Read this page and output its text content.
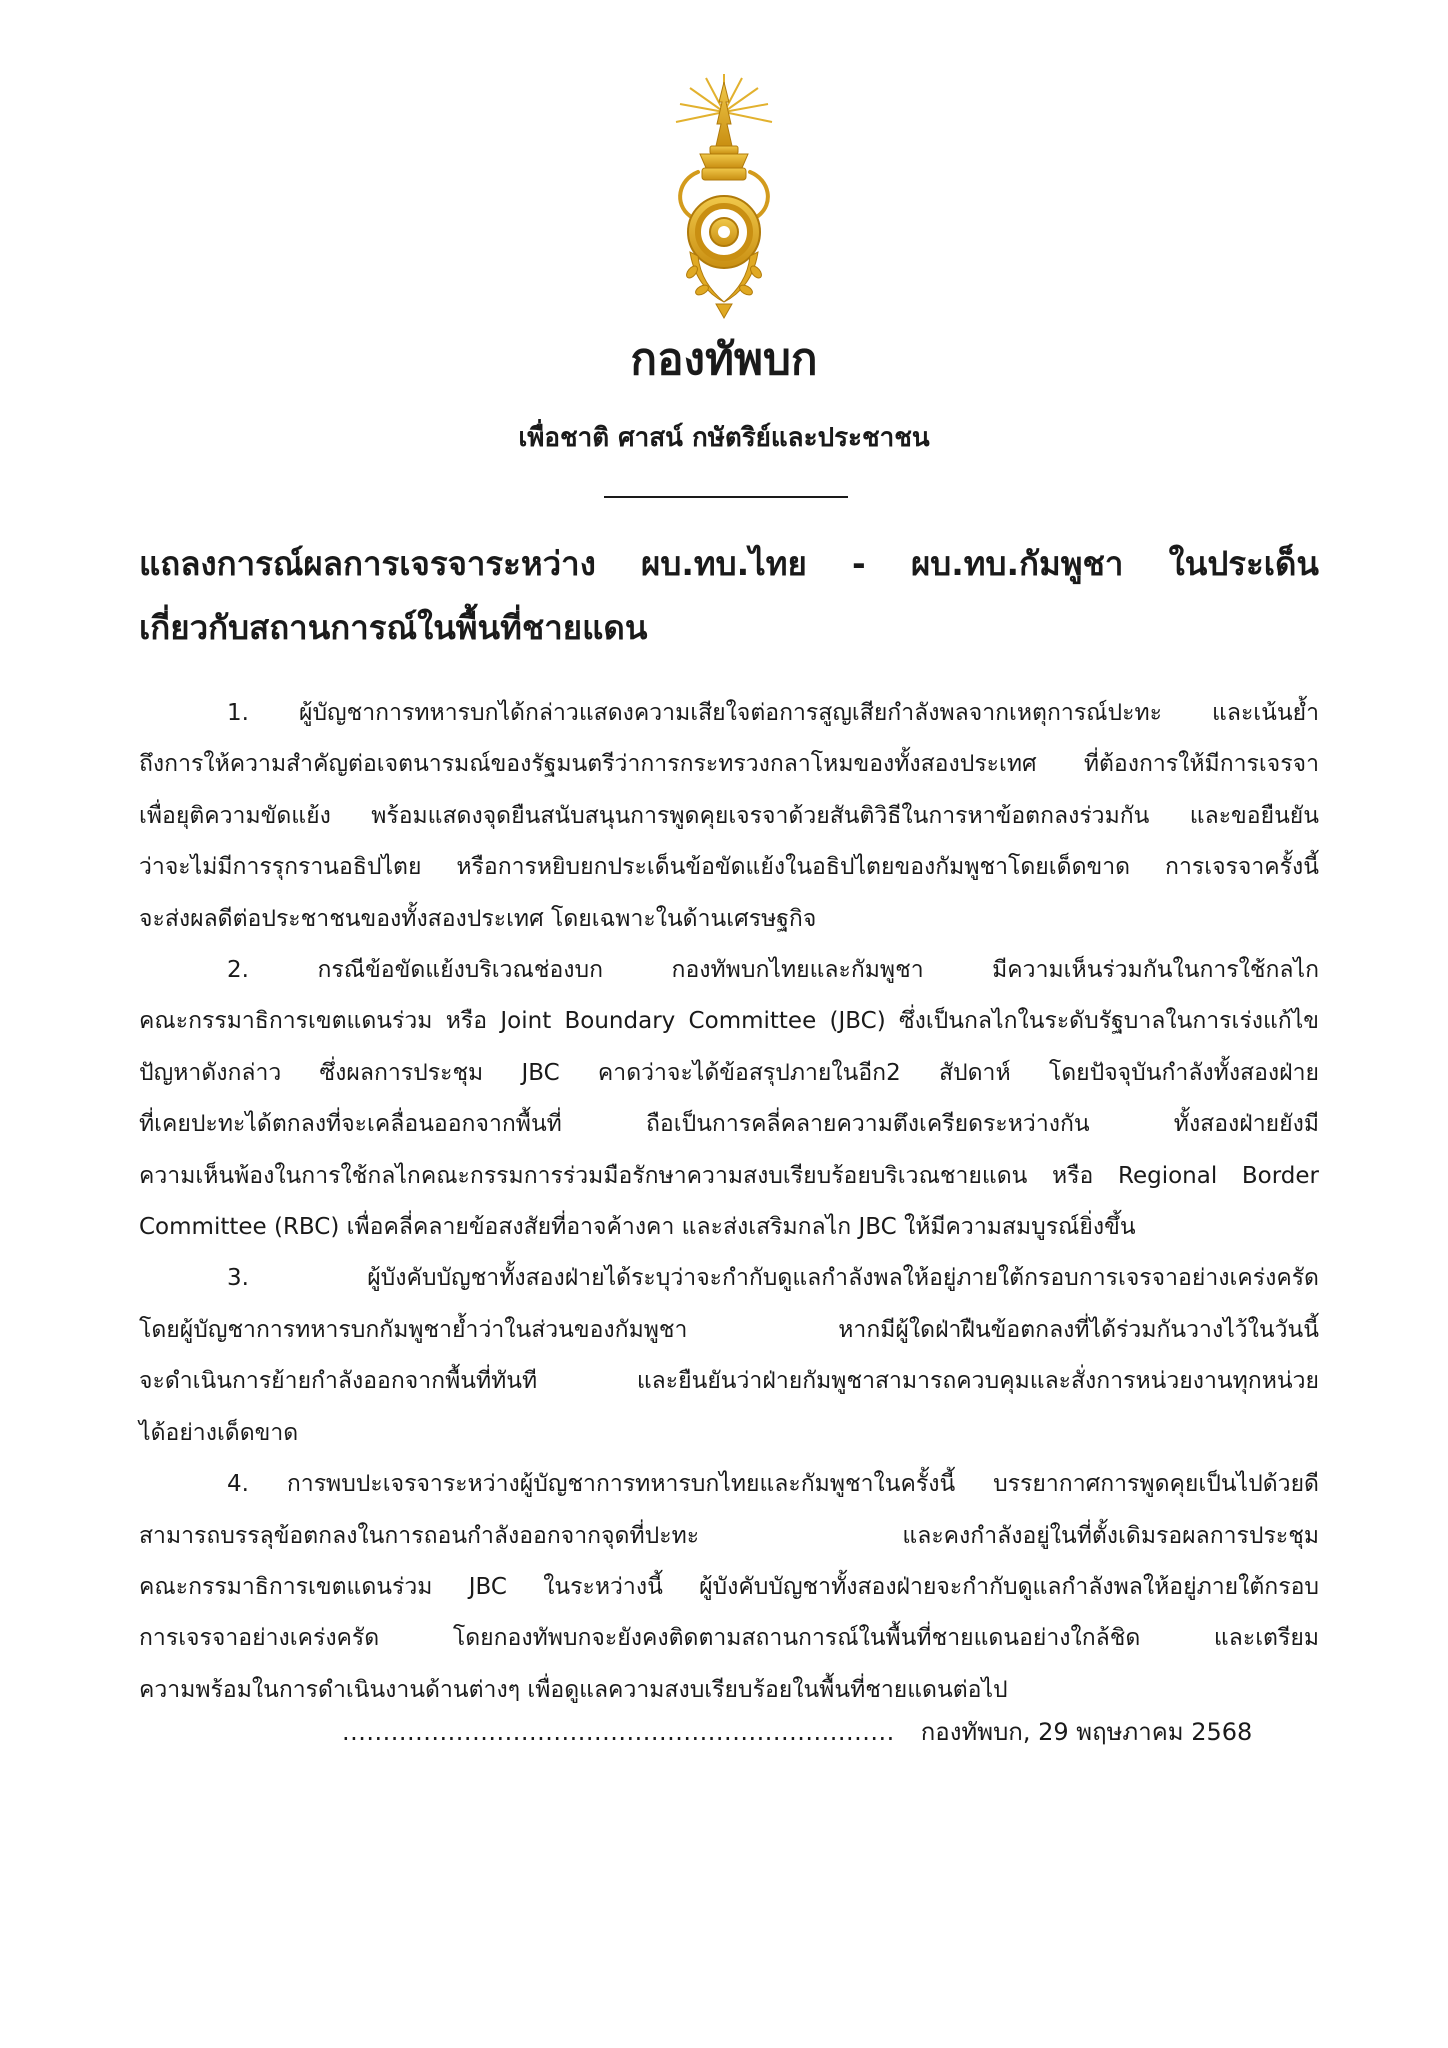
กองทัพบก
เพื่อชาติ ศาสน์ กษัตริย์และประชาชน
แถลงการณ์ผลการเจรจาระหว่าง ผบ.ทบ.ไทย - ผบ.ทบ.กัมพูชา ในประเด็น
เกี่ยวกับสถานการณ์ในพื้นที่ชายแดน
1. ผู้บัญชาการทหารบกได้กล่าวแสดงความเสียใจต่อการสูญเสียกำลังพลจากเหตุการณ์ปะทะ และเน้นย้ำ
ถึงการให้ความสำคัญต่อเจตนารมณ์ของรัฐมนตรีว่าการกระทรวงกลาโหมของทั้งสองประเทศ ที่ต้องการให้มีการเจรจา
เพื่อยุติความขัดแย้ง พร้อมแสดงจุดยืนสนับสนุนการพูดคุยเจรจาด้วยสันติวิธีในการหาข้อตกลงร่วมกัน และขอยืนยัน
ว่าจะไม่มีการรุกรานอธิปไตย หรือการหยิบยกประเด็นข้อขัดแย้งในอธิปไตยของกัมพูชาโดยเด็ดขาด การเจรจาครั้งนี้
จะส่งผลดีต่อประชาชนของทั้งสองประเทศ โดยเฉพาะในด้านเศรษฐกิจ
2. กรณีข้อขัดแย้งบริเวณช่องบก กองทัพบกไทยและกัมพูชา มีความเห็นร่วมกันในการใช้กลไก
คณะกรรมาธิการเขตแดนร่วม หรือ Joint Boundary Committee (JBC) ซึ่งเป็นกลไกในระดับรัฐบาลในการเร่งแก้ไข
ปัญหาดังกล่าว ซึ่งผลการประชุม JBC คาดว่าจะได้ข้อสรุปภายในอีก2 สัปดาห์ โดยปัจจุบันกำลังทั้งสองฝ่าย
ที่เคยปะทะได้ตกลงที่จะเคลื่อนออกจากพื้นที่ ถือเป็นการคลี่คลายความตึงเครียดระหว่างกัน ทั้งสองฝ่ายยังมี
ความเห็นพ้องในการใช้กลไกคณะกรรมการร่วมมือรักษาความสงบเรียบร้อยบริเวณชายแดน หรือ Regional Border
Committee (RBC) เพื่อคลี่คลายข้อสงสัยที่อาจค้างคา และส่งเสริมกลไก JBC ให้มีความสมบูรณ์ยิ่งขึ้น
3. ผู้บังคับบัญชาทั้งสองฝ่ายได้ระบุว่าจะกำกับดูแลกำลังพลให้อยู่ภายใต้กรอบการเจรจาอย่างเคร่งครัด
โดยผู้บัญชาการทหารบกกัมพูชาย้ำว่าในส่วนของกัมพูชา หากมีผู้ใดฝ่าฝืนข้อตกลงที่ได้ร่วมกันวางไว้ในวันนี้
จะดำเนินการย้ายกำลังออกจากพื้นที่ทันที และยืนยันว่าฝ่ายกัมพูชาสามารถควบคุมและสั่งการหน่วยงานทุกหน่วย
ได้อย่างเด็ดขาด
4. การพบปะเจรจาระหว่างผู้บัญชาการทหารบกไทยและกัมพูชาในครั้งนี้ บรรยากาศการพูดคุยเป็นไปด้วยดี
สามารถบรรลุข้อตกลงในการถอนกำลังออกจากจุดที่ปะทะ และคงกำลังอยู่ในที่ตั้งเดิมรอผลการประชุม
คณะกรรมาธิการเขตแดนร่วม JBC ในระหว่างนี้ ผู้บังคับบัญชาทั้งสองฝ่ายจะกำกับดูแลกำลังพลให้อยู่ภายใต้กรอบ
การเจรจาอย่างเคร่งครัด โดยกองทัพบกจะยังคงติดตามสถานการณ์ในพื้นที่ชายแดนอย่างใกล้ชิด และเตรียม
ความพร้อมในการดำเนินงานด้านต่างๆ เพื่อดูแลความสงบเรียบร้อยในพื้นที่ชายแดนต่อไป
.................................................................... กองทัพบก, 29 พฤษภาคม 2568
